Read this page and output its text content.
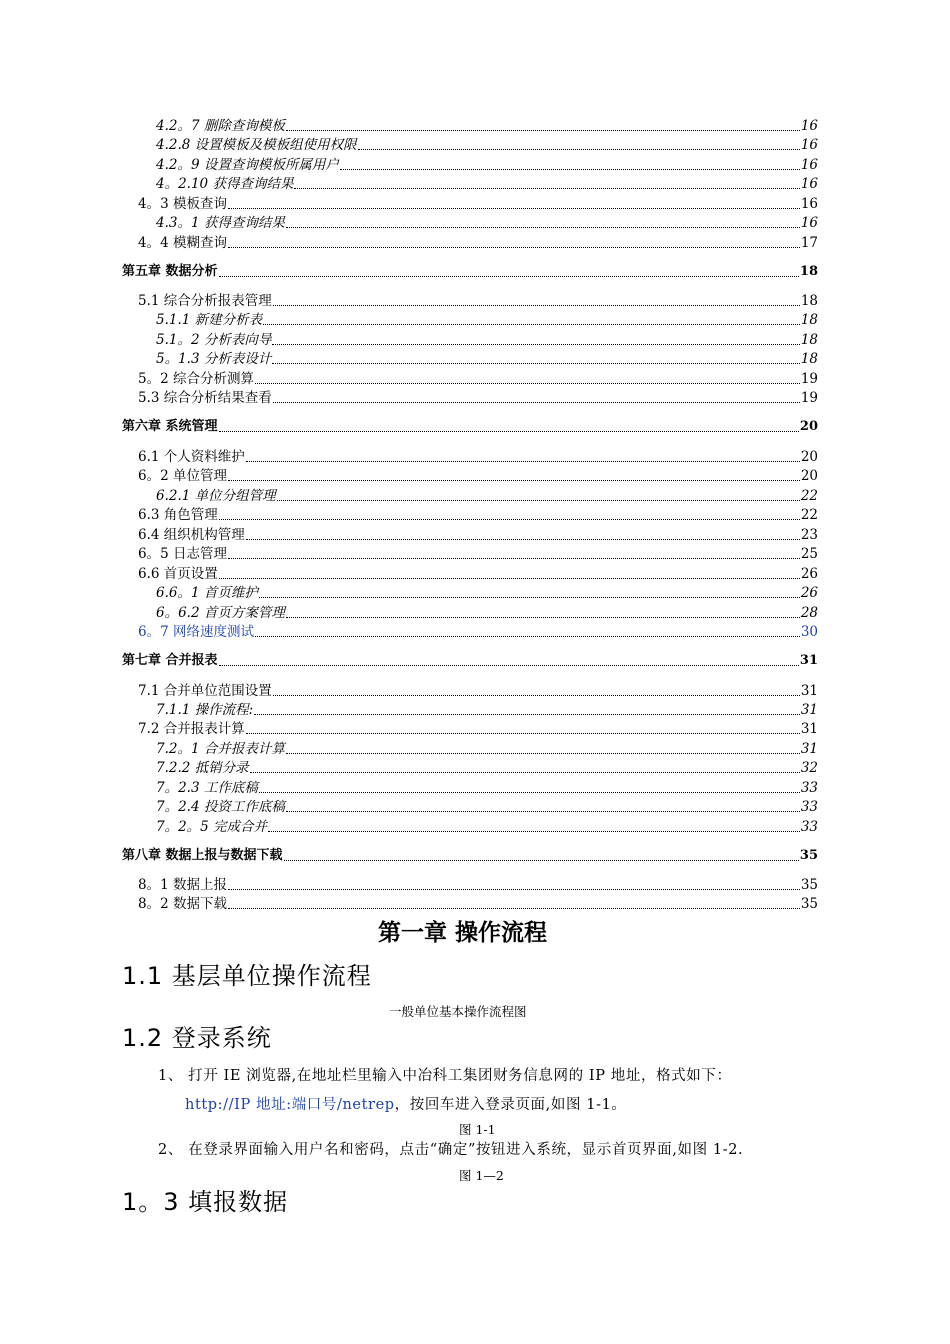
4.2。7 删除查询模板	16
4.2.8 设置模板及模板组使用权限	16
4.2。9 设置查询模板所属用户	16
4。2.10 获得查询结果	16
4。3 模板查询	16
4.3。1 获得查询结果	16
4。4 模糊查询	17
第五章 数据分析	18
5.1 综合分析报表管理	18
5.1.1 新建分析表	18
5.1。2 分析表向导	18
5。1.3 分析表设计	18
5。2 综合分析测算	19
5.3 综合分析结果查看	19
第六章 系统管理	20
6.1 个人资料维护	20
6。2 单位管理	20
6.2.1 单位分组管理	22
6.3 角色管理	22
6.4 组织机构管理	23
6。5 日志管理	25
6.6 首页设置	26
6.6。1 首页维护	26
6。6.2 首页方案管理	28
6。7 网络速度测试	30
第七章 合并报表	31
7.1 合并单位范围设置	31
7.1.1 操作流程:	31
7.2 合并报表计算	31
7.2。1 合并报表计算	31
7.2.2 抵销分录	32
7。2.3 工作底稿	33
7。2.4 投资工作底稿	33
7。2。5 完成合并	33
第八章 数据上报与数据下载	35
8。1 数据上报	35
8。2 数据下载	35
第一章 操作流程
1.1 基层单位操作流程
一般单位基本操作流程图
1.2 登录系统
1、 打开 IE 浏览器,在地址栏里输入中冶科工集团财务信息网的 IP 地址，格式如下：
http://IP 地址:端口号/netrep，按回车进入登录页面,如图 1-1。
图 1-1
2、 在登录界面输入用户名和密码，点击“确定”按钮进入系统，显示首页界面,如图 1-2.
图 1—2
1。3 填报数据
